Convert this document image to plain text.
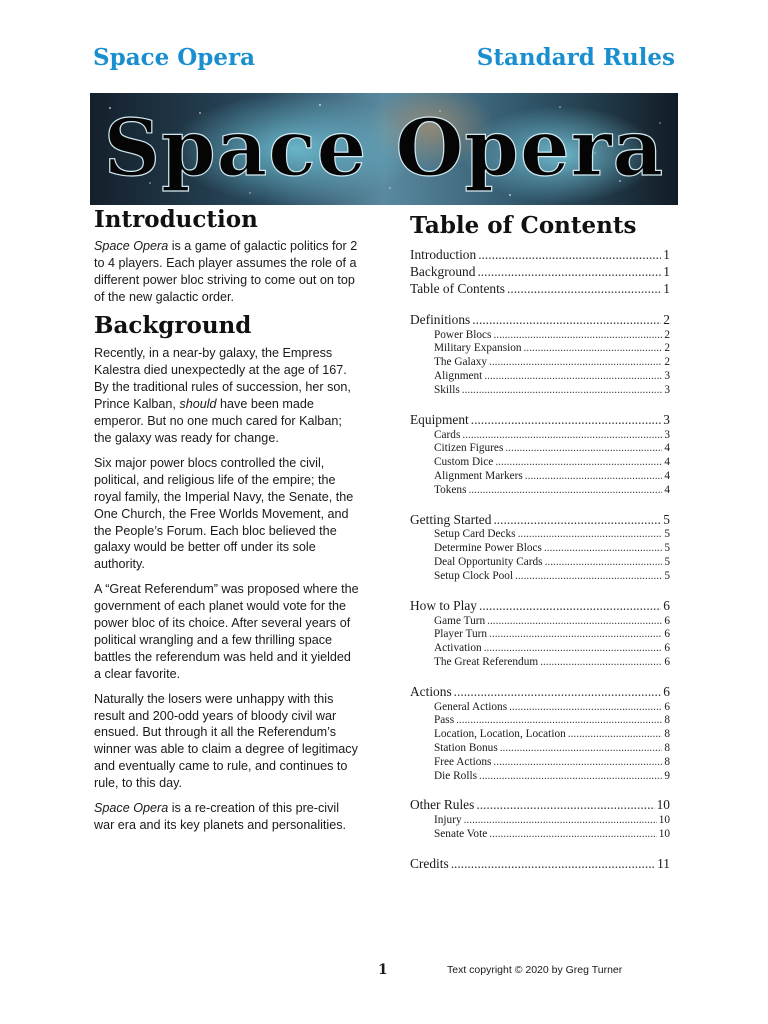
Space Opera	Standard Rules
Space Opera
Introduction

Space Opera is a game of galactic politics for 2 to 4 players. Each player assumes the role of a different power bloc striving to come out on top of the new galactic order.

Background

Recently, in a near-by galaxy, the Empress Kalestra died unexpectedly at the age of 167. By the traditional rules of succession, her son, Prince Kalban, should have been made emperor. But no one much cared for Kalban; the galaxy was ready for change.

Six major power blocs controlled the civil, political, and religious life of the empire; the royal family, the Imperial Navy, the Senate, the One Church, the Free Worlds Movement, and the People’s Forum. Each bloc believed the galaxy would be better off under its sole authority.

A “Great Referendum” was proposed where the government of each planet would vote for the power bloc of its choice. After several years of political wrangling and a few thrilling space battles the referendum was held and it yielded a clear favorite.

Naturally the losers were unhappy with this result and 200-odd years of bloody civil war ensued. But through it all the Referendum’s winner was able to claim a degree of legitimacy and eventually came to rule, and continues to rule, to this day.

Space Opera is a re-creation of this pre-civil war era and its key planets and personalities.

Table of Contents
Introduction .....	1
Background .....	1
Table of Contents .....	1
Definitions .....	2
Power Blocs .....	2
Military Expansion .....	2
The Galaxy .....	2
Alignment .....	3
Skills .....	3
Equipment .....	3
Cards .....	3
Citizen Figures .....	4
Custom Dice .....	4
Alignment Markers .....	4
Tokens .....	4
Getting Started .....	5
Setup Card Decks .....	5
Determine Power Blocs .....	5
Deal Opportunity Cards .....	5
Setup Clock Pool .....	5
How to Play .....	6
Game Turn .....	6
Player Turn .....	6
Activation .....	6
The Great Referendum .....	6
Actions .....	6
General Actions .....	6
Pass .....	8
Location, Location, Location .....	8
Station Bonus .....	8
Free Actions .....	8
Die Rolls .....	9
Other Rules .....	10
Injury .....	10
Senate Vote .....	10
Credits .....	11
1	Text copyright © 2020 by Greg Turner
